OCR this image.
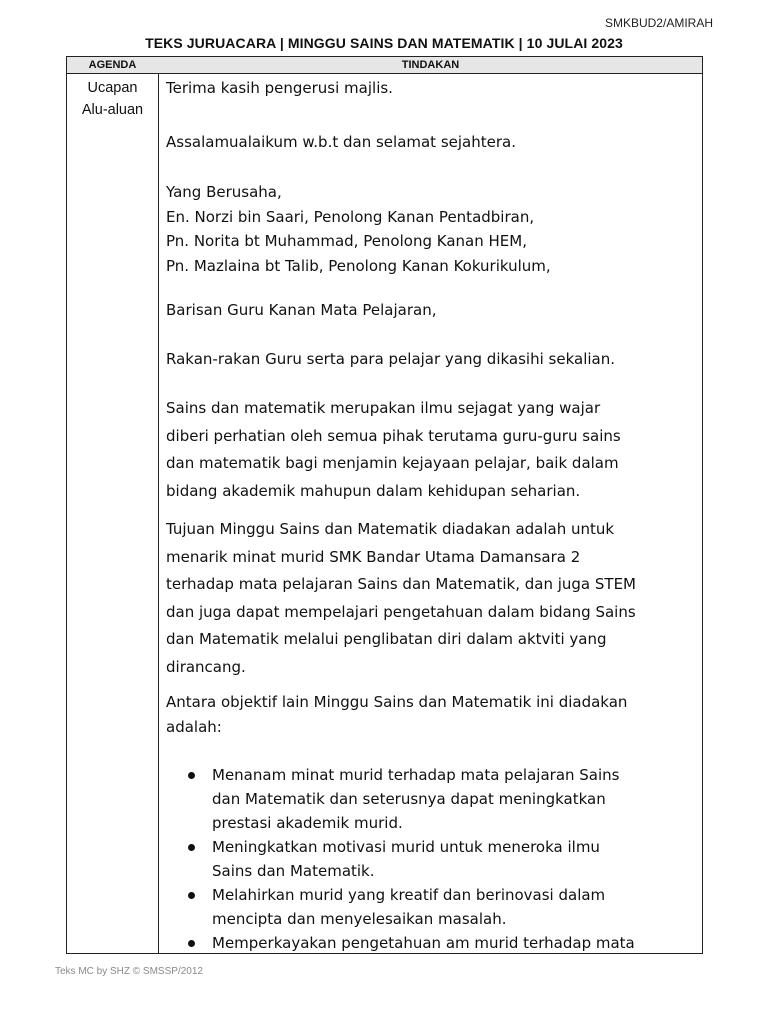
SMKBUD2/AMIRAH
TEKS JURUACARA | MINGGU SAINS DAN MATEMATIK | 10 JULAI 2023
AGENDA	TINDAKAN
Ucapan
Alu-aluan
Terima kasih pengerusi majlis.
Assalamualaikum w.b.t dan selamat sejahtera.
Yang Berusaha,
En. Norzi bin Saari, Penolong Kanan Pentadbiran,
Pn. Norita bt Muhammad, Penolong Kanan HEM,
Pn. Mazlaina bt Talib, Penolong Kanan Kokurikulum,
Barisan Guru Kanan Mata Pelajaran,
Rakan-rakan Guru serta para pelajar yang dikasihi sekalian.
Sains dan matematik merupakan ilmu sejagat yang wajar
diberi perhatian oleh semua pihak terutama guru-guru sains
dan matematik bagi menjamin kejayaan pelajar, baik dalam
bidang akademik mahupun dalam kehidupan seharian.
Tujuan Minggu Sains dan Matematik diadakan adalah untuk
menarik minat murid SMK Bandar Utama Damansara 2
terhadap mata pelajaran Sains dan Matematik, dan juga STEM
dan juga dapat mempelajari pengetahuan dalam bidang Sains
dan Matematik melalui penglibatan diri dalam aktviti yang
dirancang.
Antara objektif lain Minggu Sains dan Matematik ini diadakan
adalah:
Menanam minat murid terhadap mata pelajaran Sains
dan Matematik dan seterusnya dapat meningkatkan
prestasi akademik murid.
Meningkatkan motivasi murid untuk meneroka ilmu
Sains dan Matematik.
Melahirkan murid yang kreatif dan berinovasi dalam
mencipta dan menyelesaikan masalah.
Memperkayakan pengetahuan am murid terhadap mata
Teks MC by SHZ © SMSSP/2012
